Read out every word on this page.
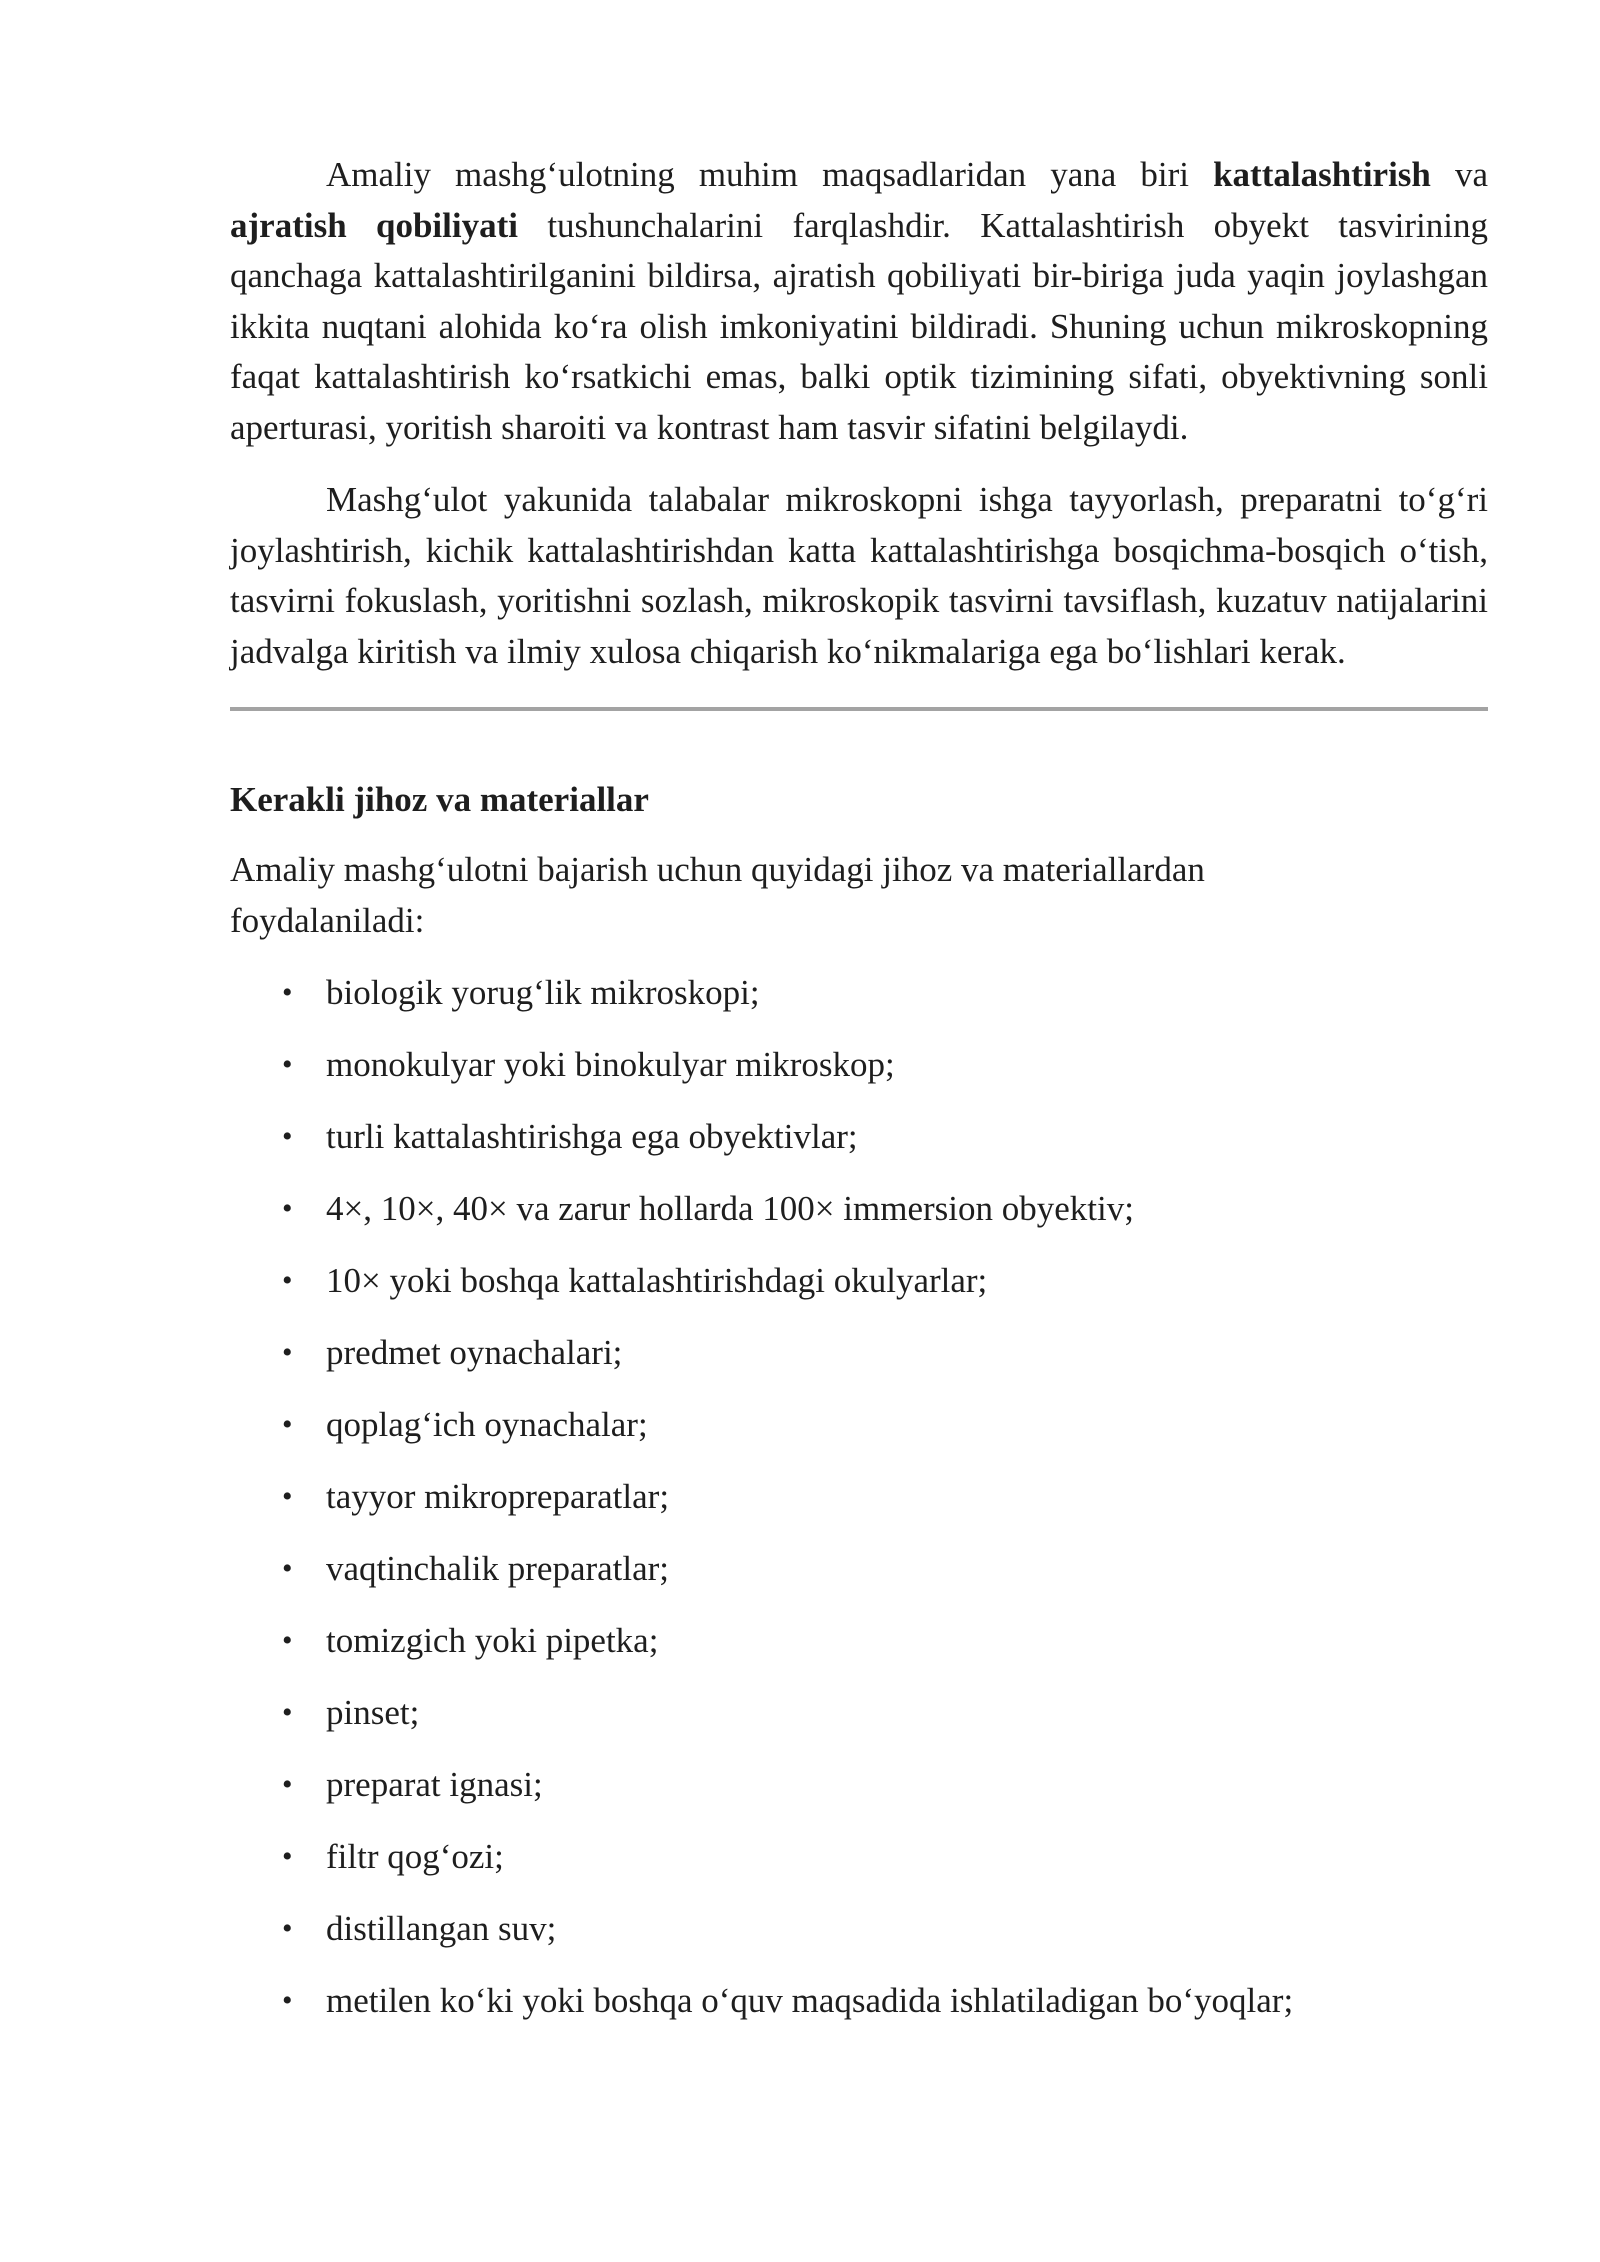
Amaliy mashg‘ulotning muhim maqsadlaridan yana biri kattalashtirish va ajratish qobiliyati tushunchalarini farqlashdir. Kattalashtirish obyekt tasvirining qanchaga kattalashtirilganini bildirsa, ajratish qobiliyati bir-biriga juda yaqin joylashgan ikkita nuqtani alohida ko‘ra olish imkoniyatini bildiradi. Shuning uchun mikroskopning faqat kattalashtirish ko‘rsatkichi emas, balki optik tizimining sifati, obyektivning sonli aperturasi, yoritish sharoiti va kontrast ham tasvir sifatini belgilaydi.

Mashg‘ulot yakunida talabalar mikroskopni ishga tayyorlash, preparatni to‘g‘ri joylashtirish, kichik kattalashtirishdan katta kattalashtirishga bosqichma-bosqich o‘tish, tasvirni fokuslash, yoritishni sozlash, mikroskopik tasvirni tavsiflash, kuzatuv natijalarini jadvalga kiritish va ilmiy xulosa chiqarish ko‘nikmalariga ega bo‘lishlari kerak.

Kerakli jihoz va materiallar

Amaliy mashg‘ulotni bajarish uchun quyidagi jihoz va materiallardan foydalaniladi:

• biologik yorug‘lik mikroskopi;
• monokulyar yoki binokulyar mikroskop;
• turli kattalashtirishga ega obyektivlar;
• 4×, 10×, 40× va zarur hollarda 100× immersion obyektiv;
• 10× yoki boshqa kattalashtirishdagi okulyarlar;
• predmet oynachalari;
• qoplag‘ich oynachalar;
• tayyor mikropreparatlar;
• vaqtinchalik preparatlar;
• tomizgich yoki pipetka;
• pinset;
• preparat ignasi;
• filtr qog‘ozi;
• distillangan suv;
• metilen ko‘ki yoki boshqa o‘quv maqsadida ishlatiladigan bo‘yoqlar;
